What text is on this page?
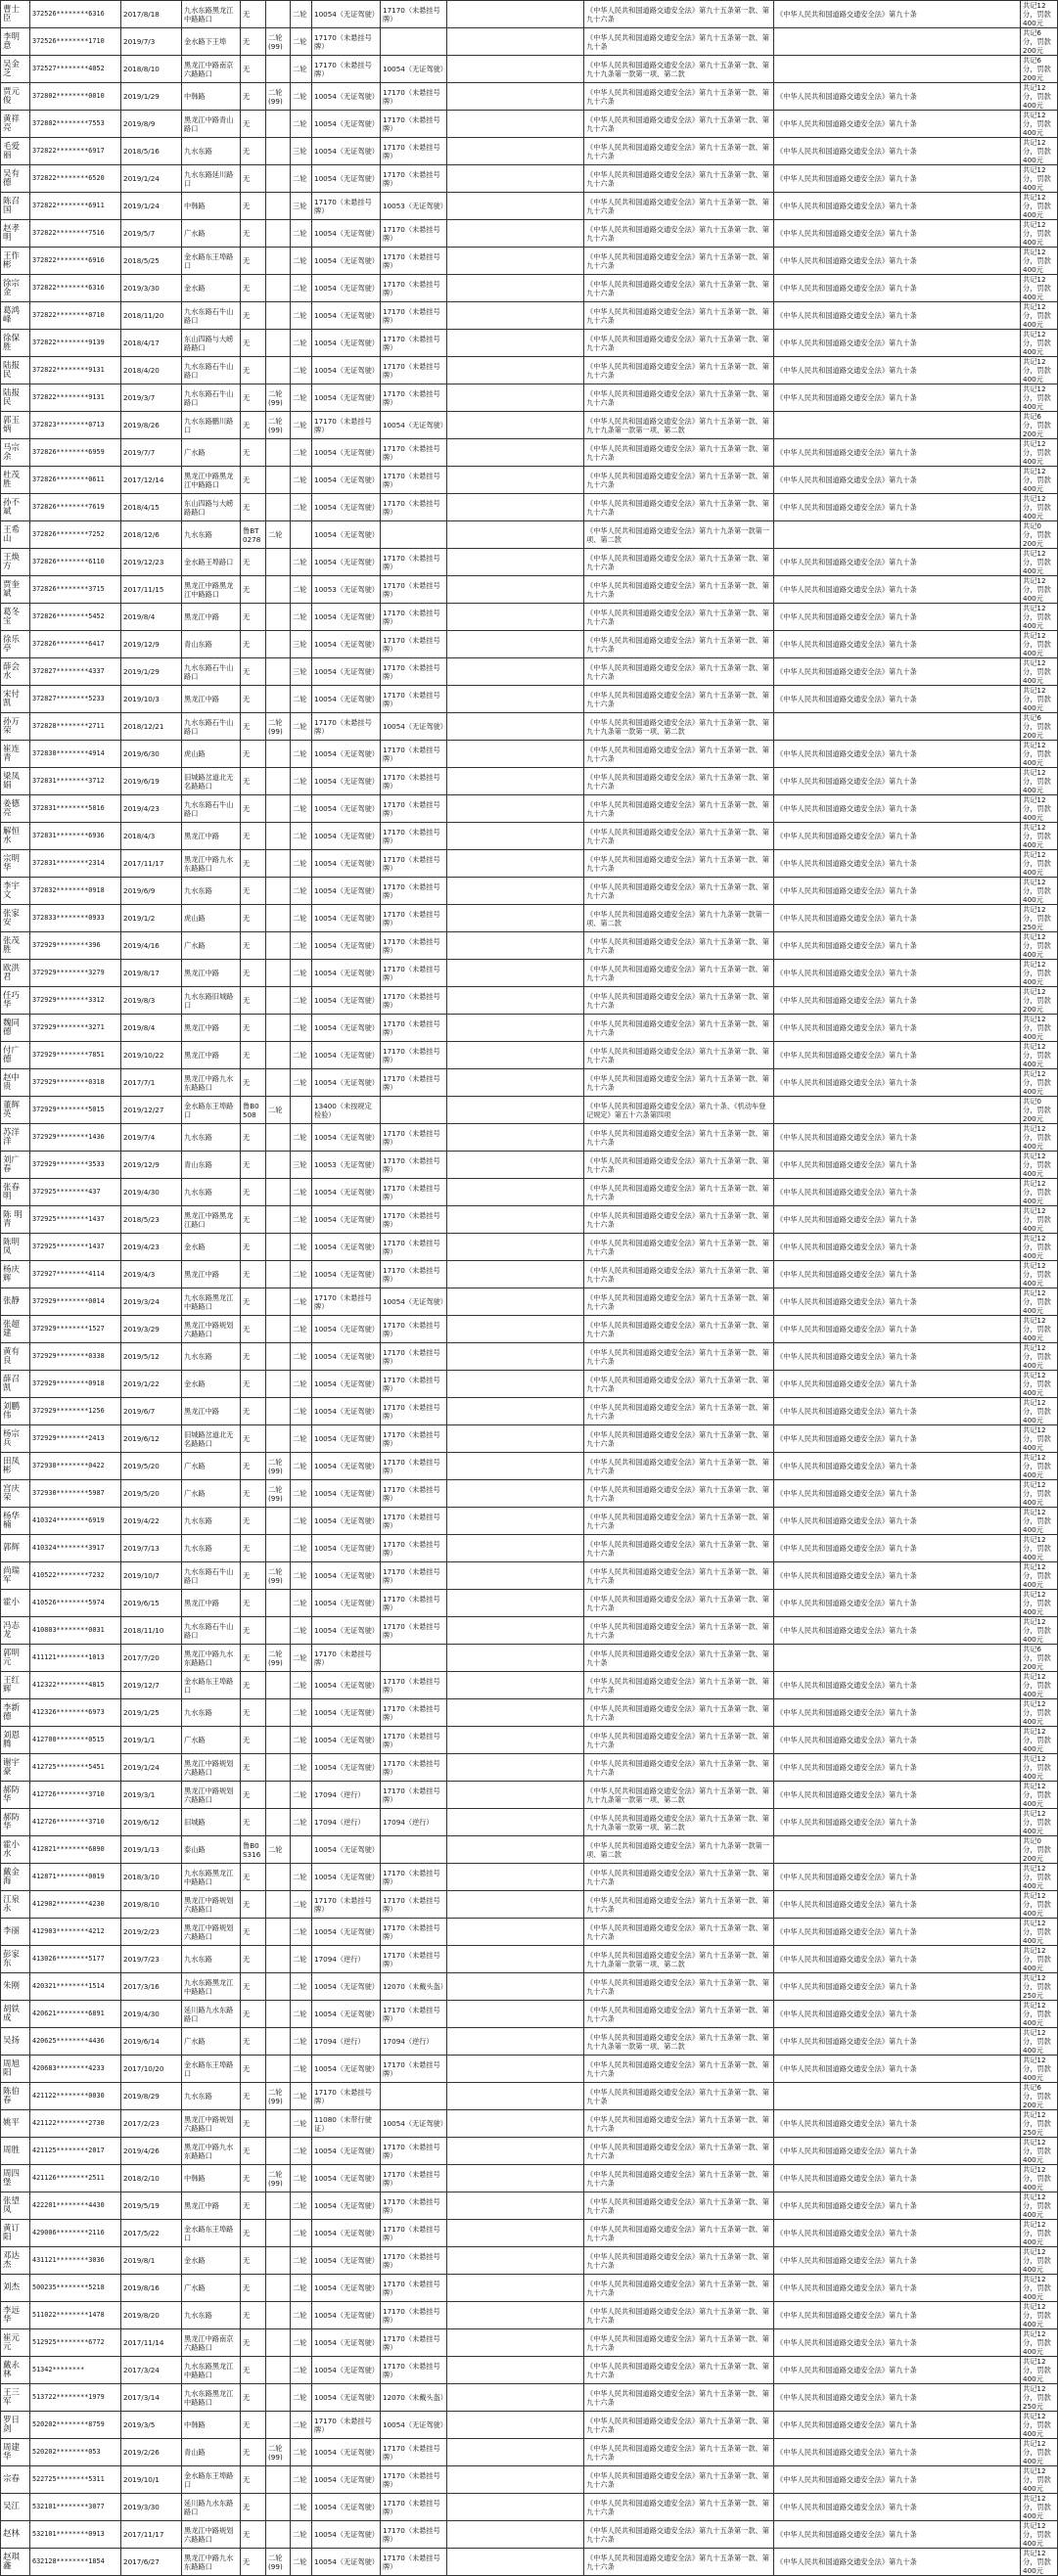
曹士臣	372526********6316	2017/8/18	九水东路黑龙江中路路口	无		二轮	10054（无证驾驶）	17170（未悬挂号牌）		《中华人民共和国道路交通安全法》第九十五条第一款、第九十六条	《中华人民共和国道路交通安全法》第九十条	共记12分，罚款400元
李明意	372526********1710	2019/7/3	金水路下王埠	无	二轮(99)	二轮	17170（未悬挂号牌）			《中华人民共和国道路交通安全法》第九十五条第一款、第九十条		共记6分，罚款200元
吴金芝	372527********4052	2018/8/10	黑龙江中路南京六路路口	无		二轮	17170（未悬挂号牌）	10054（无证驾驶）		《中华人民共和国道路交通安全法》第九十五条第一款、第九十九条第一款第一项、第二款		共记6分，罚款200元
贾元俊	372802********0010	2019/1/29	中韩路	无	二轮(99)	二轮	10054（无证驾驶）	17170（未悬挂号牌）		《中华人民共和国道路交通安全法》第九十五条第一款、第九十六条	《中华人民共和国道路交通安全法》第九十条	共记12分，罚款400元
黄祥亮	372802********7553	2019/8/9	黑龙江中路青山路口	无		二轮	10054（无证驾驶）	17170（未悬挂号牌）		《中华人民共和国道路交通安全法》第九十五条第一款、第九十六条	《中华人民共和国道路交通安全法》第九十条	共记12分，罚款400元
毛爱丽	372822********6917	2018/5/16	九水东路	无		三轮	10054（无证驾驶）	17170（未悬挂号牌）		《中华人民共和国道路交通安全法》第九十五条第一款、第九十六条	《中华人民共和国道路交通安全法》第九十条	共记12分，罚款400元
吴有德	372822********6520	2019/1/24	九水东路延川路口	无		二轮	10054（无证驾驶）	17170（未悬挂号牌）		《中华人民共和国道路交通安全法》第九十五条第一款、第九十六条	《中华人民共和国道路交通安全法》第九十条	共记12分，罚款400元
陈召国	372822********6911	2019/1/24	中韩路	无		三轮	17170（未悬挂号牌）	10053（无证驾驶）		《中华人民共和国道路交通安全法》第九十五条第一款、第九十六条	《中华人民共和国道路交通安全法》第九十条	共记12分，罚款400元
赵孝明	372822********7516	2019/5/7	广水路	无		二轮	10054（无证驾驶）	17170（未悬挂号牌）		《中华人民共和国道路交通安全法》第九十五条第一款、第九十六条	《中华人民共和国道路交通安全法》第九十条	共记12分，罚款400元
王作彬	372822********6916	2018/5/25	金水路东王埠路口	无		二轮	10054（无证驾驶）	17170（未悬挂号牌）		《中华人民共和国道路交通安全法》第九十五条第一款、第九十六条	《中华人民共和国道路交通安全法》第九十条	共记12分，罚款400元
徐宗金	372822********6316	2019/3/30	金水路	无		二轮	10054（无证驾驶）	17170（未悬挂号牌）		《中华人民共和国道路交通安全法》第九十五条第一款、第九十六条	《中华人民共和国道路交通安全法》第九十条	共记12分，罚款400元
葛鸿峰	372822********0710	2018/11/20	九水东路石牛山路口	无		二轮	10054（无证驾驶）	17170（未悬挂号牌）		《中华人民共和国道路交通安全法》第九十五条第一款、第九十六条	《中华人民共和国道路交通安全法》第九十条	共记12分，罚款400元
徐保胜	372822********9139	2018/4/17	东山四路与大崂路路口	无		二轮	10054（无证驾驶）	17170（未悬挂号牌）		《中华人民共和国道路交通安全法》第九十五条第一款、第九十六条	《中华人民共和国道路交通安全法》第九十条	共记12分，罚款400元
陆报民	372822********9131	2018/4/20	九水东路石牛山路口	无		二轮	10054（无证驾驶）	17170（未悬挂号牌）		《中华人民共和国道路交通安全法》第九十五条第一款、第九十六条	《中华人民共和国道路交通安全法》第九十条	共记12分，罚款400元
陆报民	372822********9131	2019/3/7	九水东路石牛山路口	无	二轮(99)	二轮	10054（无证驾驶）	17170（未悬挂号牌）		《中华人民共和国道路交通安全法》第九十五条第一款、第九十六条	《中华人民共和国道路交通安全法》第九十条	共记12分，罚款400元
郭玉炳	372823********0713	2019/8/26	九水东路鹏川路口	无	二轮(99)	二轮	17170（未悬挂号牌）	10054（无证驾驶）		《中华人民共和国道路交通安全法》第九十五条第一款、第九十九条第一款第一项、第二款		共记6分，罚款200元
马宗余	372826********6959	2019/7/7	广水路	无		二轮	10054（无证驾驶）	17170（未悬挂号牌）		《中华人民共和国道路交通安全法》第九十五条第一款、第九十六条	《中华人民共和国道路交通安全法》第九十条	共记12分，罚款400元
杜茂胜	372826********0611	2017/12/14	黑龙江中路黑龙江中路路口	无		二轮	10054（无证驾驶）	17170（未悬挂号牌）		《中华人民共和国道路交通安全法》第九十五条第一款、第九十六条	《中华人民共和国道路交通安全法》第九十条	共记12分，罚款400元
孙不斌	372826********7619	2018/4/15	东山四路与大崂路路口	无		二轮	10054（无证驾驶）	17170（未悬挂号牌）		《中华人民共和国道路交通安全法》第九十五条第一款、第九十六条	《中华人民共和国道路交通安全法》第九十条	共记12分，罚款400元
王希山	372826********7252	2018/12/6	九水东路	鲁BT0278	二轮		10054（无证驾驶）			《中华人民共和国道路交通安全法》第九十九条第一款第一项、第二款		共记0分，罚款200元
王焕方	372826********6110	2019/12/23	金水路王埠路口	无		二轮	10054（无证驾驶）	17170（未悬挂号牌）		《中华人民共和国道路交通安全法》第九十五条第一款、第九十六条	《中华人民共和国道路交通安全法》第九十条	共记12分，罚款400元
贾奎斌	372826********3715	2017/11/15	黑龙江中路黑龙江中路路口	无		二轮	10053（无证驾驶）	17170（未悬挂号牌）		《中华人民共和国道路交通安全法》第九十五条第一款、第九十六条	《中华人民共和国道路交通安全法》第九十条	共记12分，罚款400元
葛冬宝	372826********5452	2019/8/4	黑龙江中路	无		二轮	10054（无证驾驶）	17170（未悬挂号牌）		《中华人民共和国道路交通安全法》第九十五条第一款、第九十六条	《中华人民共和国道路交通安全法》第九十条	共记12分，罚款400元
徐乐亭	372826********6417	2019/12/9	青山东路	无		三轮	10054（无证驾驶）	17170（未悬挂号牌）		《中华人民共和国道路交通安全法》第九十五条第一款、第九十六条	《中华人民共和国道路交通安全法》第九十条	共记12分，罚款400元
薛会水	372827********4337	2019/1/29	九水东路石牛山路口	无		三轮	10054（无证驾驶）	17170（未悬挂号牌）		《中华人民共和国道路交通安全法》第九十五条第一款、第九十六条	《中华人民共和国道路交通安全法》第九十条	共记12分，罚款400元
宋付凯	372827********5233	2019/10/3	黑龙江中路	无		二轮	10054（无证驾驶）	17170（未悬挂号牌）		《中华人民共和国道路交通安全法》第九十五条第一款、第九十六条	《中华人民共和国道路交通安全法》第九十条	共记12分，罚款400元
孙万荣	372828********2711	2018/12/21	九水东路石牛山路口	无	二轮(99)	二轮	17170（未悬挂号牌）	10054（无证驾驶）		《中华人民共和国道路交通安全法》第九十五条第一款、第九十九条第一款第一项、第二款		共记6分，罚款200元
崔连青	372830********4914	2019/6/30	虎山路	无		二轮	10054（无证驾驶）	17170（未悬挂号牌）		《中华人民共和国道路交通安全法》第九十五条第一款、第九十六条	《中华人民共和国道路交通安全法》第九十条	共记12分，罚款400元
梁凤娟	372831********3712	2019/6/19	旧城路岔道北无名路路口	无		二轮	10054（无证驾驶）	17170（未悬挂号牌）		《中华人民共和国道路交通安全法》第九十五条第一款、第九十六条	《中华人民共和国道路交通安全法》第九十条	共记12分，罚款400元
姜德亮	372831********5816	2019/4/23	九水东路石牛山路口	无		二轮	10054（无证驾驶）	17170（未悬挂号牌）		《中华人民共和国道路交通安全法》第九十五条第一款、第九十六条	《中华人民共和国道路交通安全法》第九十条	共记12分，罚款400元
解恒水	372831********6936	2018/4/3	黑龙江中路	无		二轮	10054（无证驾驶）	17170（未悬挂号牌）		《中华人民共和国道路交通安全法》第九十五条第一款、第九十六条	《中华人民共和国道路交通安全法》第九十条	共记12分，罚款400元
宗明华	372831********2314	2017/11/17	黑龙江中路九水东路路口	无		二轮	10054（无证驾驶）	17170（未悬挂号牌）		《中华人民共和国道路交通安全法》第九十五条第一款、第九十六条	《中华人民共和国道路交通安全法》第九十条	共记12分，罚款400元
李宇文	372832********0918	2019/6/9	九水东路	无		二轮	10054（无证驾驶）	17170（未悬挂号牌）		《中华人民共和国道路交通安全法》第九十五条第一款、第九十六条	《中华人民共和国道路交通安全法》第九十条	共记12分，罚款400元
张家安	372833********0933	2019/1/2	虎山路	无		二轮	10054（无证驾驶）	17170（未悬挂号牌）		《中华人民共和国道路交通安全法》第九十九条第一款第一项、第二款	《中华人民共和国道路交通安全法》第九十条	共记12分，罚款250元
张茂胜	372929********396	2019/4/16	广水路	无		二轮	10054（无证驾驶）	17170（未悬挂号牌）		《中华人民共和国道路交通安全法》第九十五条第一款、第九十六条	《中华人民共和国道路交通安全法》第九十条	共记12分，罚款400元
欧洪君	372929********3279	2019/8/17	黑龙江中路	无		二轮	10054（无证驾驶）	17170（未悬挂号牌）		《中华人民共和国道路交通安全法》第九十五条第一款、第九十六条	《中华人民共和国道路交通安全法》第九十条	共记12分，罚款400元
任巧华	372929********3312	2019/8/3	九水东路旧城路口	无		二轮	10054（无证驾驶）	17170（未悬挂号牌）		《中华人民共和国道路交通安全法》第九十五条第一款、第九十六条	《中华人民共和国道路交通安全法》第九十条	共记12分，罚款200元
魏同德	372929********3271	2019/8/4	黑龙江中路	无		二轮	10054（无证驾驶）	17170（未悬挂号牌）		《中华人民共和国道路交通安全法》第九十五条第一款、第九十六条	《中华人民共和国道路交通安全法》第九十条	共记12分，罚款400元
付广德	372929********7851	2019/10/22	黑龙江中路	无		二轮	10054（无证驾驶）	17170（未悬挂号牌）		《中华人民共和国道路交通安全法》第九十五条第一款、第九十六条	《中华人民共和国道路交通安全法》第九十条	共记12分，罚款400元
赵中贵	372929********0318	2017/7/1	黑龙江中路九水东路路口	无		二轮	10054（无证驾驶）	17170（未悬挂号牌）		《中华人民共和国道路交通安全法》第九十五条第一款、第九十六条	《中华人民共和国道路交通安全法》第九十条	共记12分，罚款400元
董辉英	372929********5015	2019/12/27	金水路东王埠路口	鲁B0508	二轮		13400（未按规定检验）			《中华人民共和国道路交通安全法》第九十条、《机动车登记规定》第五十六条第四项		共记0分，罚款200元
苏洋洋	372929********1436	2019/7/4	九水东路	无		二轮	10054（无证驾驶）	17170（未悬挂号牌）		《中华人民共和国道路交通安全法》第九十五条第一款、第九十六条	《中华人民共和国道路交通安全法》第九十条	共记12分，罚款400元
刘广春	372929********3533	2019/12/9	青山东路	无		三轮	10053（无证驾驶）	17170（未悬挂号牌）		《中华人民共和国道路交通安全法》第九十五条第一款、第九十六条	《中华人民共和国道路交通安全法》第九十条	共记12分，罚款400元
张春明	372925********437	2019/4/30	九水东路	无		二轮	10054（无证驾驶）	17170（未悬挂号牌）		《中华人民共和国道路交通安全法》第九十五条第一款、第九十六条	《中华人民共和国道路交通安全法》第九十条	共记12分，罚款400元
陈 明青	372925********1437	2018/5/23	黑龙江中路黑龙江路口	无		二轮	10054（无证驾驶）	17170（未悬挂号牌）		《中华人民共和国道路交通安全法》第九十五条第一款、第九十六条	《中华人民共和国道路交通安全法》第九十条	共记12分，罚款400元
陈明凤	372925********1437	2019/4/23	金水路	无		二轮	10054（无证驾驶）	17170（未悬挂号牌）		《中华人民共和国道路交通安全法》第九十五条第一款、第九十六条	《中华人民共和国道路交通安全法》第九十条	共记12分，罚款400元
杨庆辉	372927********4114	2019/4/3	黑龙江中路	无		二轮	10054（无证驾驶）	17170（未悬挂号牌）		《中华人民共和国道路交通安全法》第九十五条第一款、第九十六条	《中华人民共和国道路交通安全法》第九十条	共记12分，罚款400元
张静	372929********0014	2019/3/24	九水东路黑龙江中路路口	无		二轮	17170（未悬挂号牌）	10054（无证驾驶）		《中华人民共和国道路交通安全法》第九十五条第一款、第九十六条	《中华人民共和国道路交通安全法》第九十条	共记12分，罚款400元
张超建	372929********1527	2019/3/29	黑龙江中路规划六路路口	无		二轮	10054（无证驾驶）	17170（未悬挂号牌）		《中华人民共和国道路交通安全法》第九十五条第一款、第九十六条	《中华人民共和国道路交通安全法》第九十条	共记12分，罚款400元
黄有良	372929********0338	2019/5/12	九水东路	无		二轮	10054（无证驾驶）	17170（未悬挂号牌）		《中华人民共和国道路交通安全法》第九十五条第一款、第九十六条	《中华人民共和国道路交通安全法》第九十条	共记12分，罚款400元
薛召凯	372929********0918	2019/1/22	金水路	无		二轮	10054（无证驾驶）	17170（未悬挂号牌）		《中华人民共和国道路交通安全法》第九十五条第一款、第九十六条	《中华人民共和国道路交通安全法》第九十条	共记12分，罚款400元
刘鹏伟	372929********1256	2019/6/7	黑龙江中路	无		二轮	10054（无证驾驶）	17170（未悬挂号牌）		《中华人民共和国道路交通安全法》第九十五条第一款、第九十六条	《中华人民共和国道路交通安全法》第九十条	共记12分，罚款400元
杨宗兵	372929********2413	2019/6/12	旧城路岔道北无名路路口	无		二轮	10054（无证驾驶）	17170（未悬挂号牌）		《中华人民共和国道路交通安全法》第九十五条第一款、第九十六条	《中华人民共和国道路交通安全法》第九十条	共记12分，罚款400元
田凤彬	372930********0422	2019/5/20	广水路	无	二轮(99)	二轮	10054（无证驾驶）	17170（未悬挂号牌）		《中华人民共和国道路交通安全法》第九十五条第一款、第九十六条	《中华人民共和国道路交通安全法》第九十条	共记12分，罚款400元
宫庆荣	372930********5987	2019/5/20	广水路	无	二轮(99)	二轮	10054（无证驾驶）	17170（未悬挂号牌）		《中华人民共和国道路交通安全法》第九十五条第一款、第九十六条	《中华人民共和国道路交通安全法》第九十条	共记12分，罚款400元
杨华楠	410324********6919	2019/4/22	九水东路	无		二轮	10054（无证驾驶）	17170（未悬挂号牌）		《中华人民共和国道路交通安全法》第九十五条第一款、第九十六条	《中华人民共和国道路交通安全法》第九十条	共记12分，罚款400元
郭辉	410324********3917	2019/7/13	九水东路	无		二轮	10054（无证驾驶）	17170（未悬挂号牌）		《中华人民共和国道路交通安全法》第九十五条第一款、第九十六条	《中华人民共和国道路交通安全法》第九十条	共记12分，罚款400元
尚瑞军	410522********7232	2019/10/7	九水东路石牛山路口	无	二轮(99)	二轮	10054（无证驾驶）	17170（未悬挂号牌）		《中华人民共和国道路交通安全法》第九十五条第一款、第九十六条	《中华人民共和国道路交通安全法》第九十条	共记12分，罚款400元
霍小	410526********5974	2019/6/15	黑龙江中路	无		二轮	10054（无证驾驶）	17170（未悬挂号牌）		《中华人民共和国道路交通安全法》第九十五条第一款、第九十六条	《中华人民共和国道路交通安全法》第九十条	共记12分，罚款400元
冯志龙	410803********0031	2018/11/10	九水东路石牛山路口	无		二轮	10054（无证驾驶）	17170（未悬挂号牌）		《中华人民共和国道路交通安全法》第九十五条第一款、第九十六条	《中华人民共和国道路交通安全法》第九十条	共记12分，罚款400元
郭明元	411121********1013	2017/7/20	黑龙江中路九水东路路口	无	二轮(99)	二轮	17170（未悬挂号牌）			《中华人民共和国道路交通安全法》第九十五条第一款、第九十条		共记6分，罚款200元
王红辉	412322********4815	2019/12/7	金水路东王埠路口	无		二轮	10054（无证驾驶）	17170（未悬挂号牌）		《中华人民共和国道路交通安全法》第九十五条第一款、第九十六条	《中华人民共和国道路交通安全法》第九十条	共记12分，罚款400元
李新德	412326********6973	2019/1/25	九水东路	无		二轮	10054（无证驾驶）	17170（未悬挂号牌）		《中华人民共和国道路交通安全法》第九十五条第一款、第九十六条	《中华人民共和国道路交通安全法》第九十条	共记12分，罚款400元
刘恩腾	412700********0515	2019/1/1	广水路	无		二轮	10054（无证驾驶）	17170（未悬挂号牌）		《中华人民共和国道路交通安全法》第九十五条第一款、第九十六条	《中华人民共和国道路交通安全法》第九十条	共记12分，罚款400元
谢宇豪	412725********5451	2019/1/24	黑龙江中路规划六路路口	无		二轮	10054（无证驾驶）	17170（未悬挂号牌）		《中华人民共和国道路交通安全法》第九十五条第一款、第九十六条	《中华人民共和国道路交通安全法》第九十条	共记12分，罚款400元
郝防华	412726********3710	2019/3/1	黑龙江中路规划六路路口	无		二轮	17094（逆行）	17170（未悬挂号牌）		《中华人民共和国道路交通安全法》第九十五条第一款、第九十九条第一款第一项、第二款	《中华人民共和国道路交通安全法》第九十条	共记12分，罚款400元
郝防华	412726********3710	2019/6/12	旧城路	无		二轮	17094（逆行）	17094（逆行）		《中华人民共和国道路交通安全法》第九十五条第一款、第九十九条第一款第一项、第二款	《中华人民共和国道路交通安全法》第九十条	共记12分，罚款400元
霍小水	412821********6890	2019/1/13	泰山路	鲁B0S316	二轮		10054（无证驾驶）			《中华人民共和国道路交通安全法》第九十九条第一款第一项、第二款		共记0分，罚款200元
戴金海	412871********0019	2018/3/10	九水东路黑龙江中路路口	无		二轮	10054（无证驾驶）	17170（未悬挂号牌）		《中华人民共和国道路交通安全法》第九十五条第一款、第九十六条	《中华人民共和国道路交通安全法》第九十条	共记12分，罚款400元
江泉永	412902********4230	2019/8/10	黑龙江中路规划六路路口	无		二轮	17170（未悬挂号牌）	17170（未悬挂号牌）		《中华人民共和国道路交通安全法》第九十五条第一款、第九十六条	《中华人民共和国道路交通安全法》第九十条	共记12分，罚款400元
李丽	412903********4212	2019/2/23	黑龙江中路规划六路路口	无		二轮	10054（无证驾驶）	17170（未悬挂号牌）		《中华人民共和国道路交通安全法》第九十五条第一款、第九十六条	《中华人民共和国道路交通安全法》第九十条	共记12分，罚款400元
彭家东	413026********5177	2019/7/23	九水东路	无		二轮	17094（逆行）	17170（未悬挂号牌）		《中华人民共和国道路交通安全法》第九十五条第一款、第九十九条第一款第一项、第二款	《中华人民共和国道路交通安全法》第九十条	共记12分，罚款400元
朱刚	420321********1514	2017/3/16	九水东路黑龙江中路路口	无		二轮	10054（无证驾驶）	12070（未戴头盔）		《中华人民共和国道路交通安全法》第九十五条第一款、第九十六条	《中华人民共和国道路交通安全法》第九十条	共记12分，罚款250元
胡铁成	420621********6891	2019/4/30	延川路九水东路路口	无		二轮	10054（无证驾驶）	17170（未悬挂号牌）		《中华人民共和国道路交通安全法》第九十五条第一款、第九十六条	《中华人民共和国道路交通安全法》第九十条	共记12分，罚款400元
吴扬	420625********4436	2019/6/14	广水路	无		二轮	17094（逆行）	17094（逆行）		《中华人民共和国道路交通安全法》第九十五条第一款、第九十九条第一款第一项、第二款	《中华人民共和国道路交通安全法》第九十条	共记12分，罚款400元
周旭阳	420683********4233	2017/10/20	金水路东王埠路口	无		二轮	10054（无证驾驶）	17170（未悬挂号牌）		《中华人民共和国道路交通安全法》第九十五条第一款、第九十六条	《中华人民共和国道路交通安全法》第九十条	共记12分，罚款400元
陈伯春	421122********0030	2019/8/29	九水东路	无	二轮(99)	二轮	17170（未悬挂号牌）			《中华人民共和国道路交通安全法》第九十五条第一款、第九十条		共记6分，罚款200元
姚平	421122********2730	2017/2/23	黑龙江中路规划六路路口	无		二轮	11080（未带行驶证）	10054（无证驾驶）		《中华人民共和国道路交通安全法》第九十五条第一款、第九十六条	《中华人民共和国道路交通安全法》第九十条	共记12分，罚款250元
周胜	421125********2017	2019/4/26	黑龙江中路九水东路路口	无		二轮	10054（无证驾驶）	17170（未悬挂号牌）		《中华人民共和国道路交通安全法》第九十五条第一款、第九十六条	《中华人民共和国道路交通安全法》第九十条	共记12分，罚款400元
周四堡	421126********2511	2018/2/10	中韩路	无	二轮(99)	二轮	10054（无证驾驶）	17170（未悬挂号牌）		《中华人民共和国道路交通安全法》第九十五条第一款、第九十六条	《中华人民共和国道路交通安全法》第九十条	共记12分，罚款400元
张望凤	422201********4430	2019/5/19	黑龙江中路	无		二轮	10054（无证驾驶）	17170（未悬挂号牌）		《中华人民共和国道路交通安全法》第九十五条第一款、第九十六条	《中华人民共和国道路交通安全法》第九十条	共记12分，罚款400元
黄订阳	429006********2116	2017/5/22	金水路东王埠路口	无		二轮	10054（无证驾驶）	17170（未悬挂号牌）		《中华人民共和国道路交通安全法》第九十五条第一款、第九十六条	《中华人民共和国道路交通安全法》第九十条	共记12分，罚款400元
邓达杰	431121********3036	2019/8/1	金水路	无		二轮	10054（无证驾驶）	17170（未悬挂号牌）		《中华人民共和国道路交通安全法》第九十五条第一款、第九十六条	《中华人民共和国道路交通安全法》第九十条	共记12分，罚款400元
刘杰	500235********5218	2019/8/16	广水路	无		二轮	10054（无证驾驶）	17170（未悬挂号牌）		《中华人民共和国道路交通安全法》第九十五条第一款、第九十六条	《中华人民共和国道路交通安全法》第九十条	共记12分，罚款400元
李远华	511022********1478	2019/8/20	九水东路	无		二轮	10054（无证驾驶）	17170（未悬挂号牌）		《中华人民共和国道路交通安全法》第九十五条第一款、第九十六条	《中华人民共和国道路交通安全法》第九十条	共记12分，罚款400元
崔元元	512925********6772	2017/11/14	黑龙江中路南京六路路口	无		二轮	10054（无证驾驶）	17170（未悬挂号牌）		《中华人民共和国道路交通安全法》第九十五条第一款、第九十六条	《中华人民共和国道路交通安全法》第九十条	共记12分，罚款400元
戴永林	51342********	2017/3/24	九水东路黑龙江中路路口	无		二轮	10054（无证驾驶）	17170（未悬挂号牌）		《中华人民共和国道路交通安全法》第九十五条第一款、第九十六条	《中华人民共和国道路交通安全法》第九十条	共记12分，罚款400元
王三军	513722********1979	2017/3/14	九水东路黑龙江中路路口	无		二轮	10054（无证驾驶）	12070（未戴头盔）		《中华人民共和国道路交通安全法》第九十五条第一款、第九十六条	《中华人民共和国道路交通安全法》第九十条	共记12分，罚款250元
罗日剑	520202********8759	2019/3/5	中韩路	无		二轮	17170（未悬挂号牌）	10054（无证驾驶）		《中华人民共和国道路交通安全法》第九十五条第一款、第九十六条	《中华人民共和国道路交通安全法》第九十条	共记12分，罚款400元
周建华	520202********053	2019/2/26	青山路	无	二轮(99)	二轮	10054（无证驾驶）	17170（未悬挂号牌）		《中华人民共和国道路交通安全法》第九十五条第一款、第九十六条	《中华人民共和国道路交通安全法》第九十条	共记12分，罚款400元
宗春	522725********5311	2019/10/1	金水路东王埠路口	无		二轮	10054（无证驾驶）	17170（未悬挂号牌）		《中华人民共和国道路交通安全法》第九十五条第一款、第九十六条	《中华人民共和国道路交通安全法》第九十条	共记12分，罚款400元
吴江	532101********3077	2019/3/30	延川路九水东路路口	无		二轮	10054（无证驾驶）	17170（未悬挂号牌）		《中华人民共和国道路交通安全法》第九十五条第一款、第九十六条	《中华人民共和国道路交通安全法》第九十条	共记12分，罚款400元
赵林	532101********0913	2017/11/17	黑龙江中路规划六路路口	无		二轮	10054（无证驾驶）	17170（未悬挂号牌）		《中华人民共和国道路交通安全法》第九十五条第一款、第九十六条	《中华人民共和国道路交通安全法》第九十条	共记12分，罚款400元
赵琪鑫	632128********1854	2017/6/27	黑龙江中路九水东路路口	无	二轮(99)	二轮	10054（无证驾驶）	17170（未悬挂号牌）		《中华人民共和国道路交通安全法》第九十五条第一款、第九十六条	《中华人民共和国道路交通安全法》第九十条	共记12分，罚款400元
